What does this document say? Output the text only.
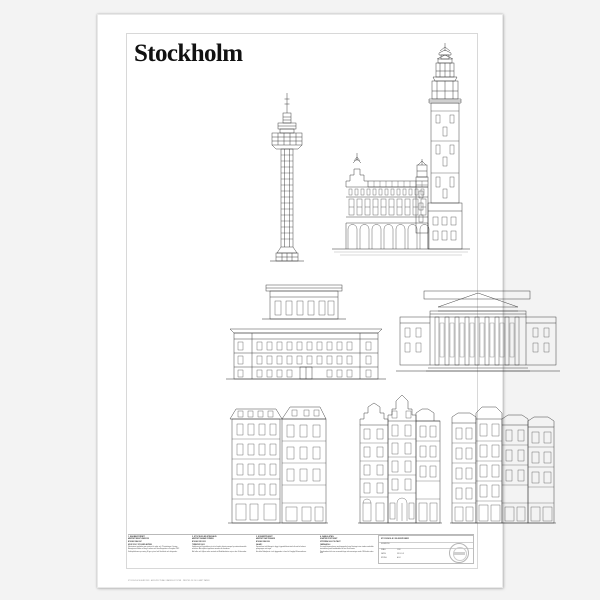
Stockholm
1. KAKNÄSTORNET

ARKITEKT BENGT LINDROOS

BYGGÅR 1964-1967

HÖJD 155 M / 170 M MED ANTENN

Kaknästornet uppfördes som centrum för radio- och TV-sändningar i Sverige. Betongtornet ritades av Bengt Lindroos och Hans Borgström och invigdes 1967.

Utsiktsplattformen på våning 30 ger vy över hela Stockholm och skärgården.

2. STOCKHOLMS STADSHUS

ARKITEKT RAGNAR ÖSTBERG

BYGGÅR 1911-1923

TORNHÖJD 106 M

Stadshuset på Kungsholmen är ett av landets främsta exempel på nationalromantisk arkitektur. Åtta miljoner tegelstenar murades för fasaderna.

Blå hallen och Gyllene salen används vid Nobelbanketten varje år den 10 december.

3. KONSERTHUSET

ARKITEKT IVAR TENGBOM

BYGGÅR 1924-1926

SALAR 3

Konserthuset vid Hötorget är byggt i tjugotalsklassicistisk stil med tio koloner i pelargången mot torget.

Här delas Nobelpriset ut och byggnaden är hem för Kungliga Filharmonikerna.

4. GAMLA STAN

KVARTER STORTORGET

UPPFÖRDA 1600-1700-TALET

VÅNINGAR 4-6

De smala köpmanshusen med trappgavlar kring Stortorget visar stadens medeltida tomtindelning med fasadbredder om sex till åtta meter.

Putsfasaderna fick sina nuvarande färger vid renoveringar under 1900-talets andra hälft.

STOCKHOLM / ELEVATIONER
ELEVATIONS
SKALA	1:500
DATUM	2015-11-02
RITNING	A-101
STOCKHOLM ELEVATIONS · ARCHITECTURAL DRAWING POSTER · PRINTED ON 200 G MATT PAPER
